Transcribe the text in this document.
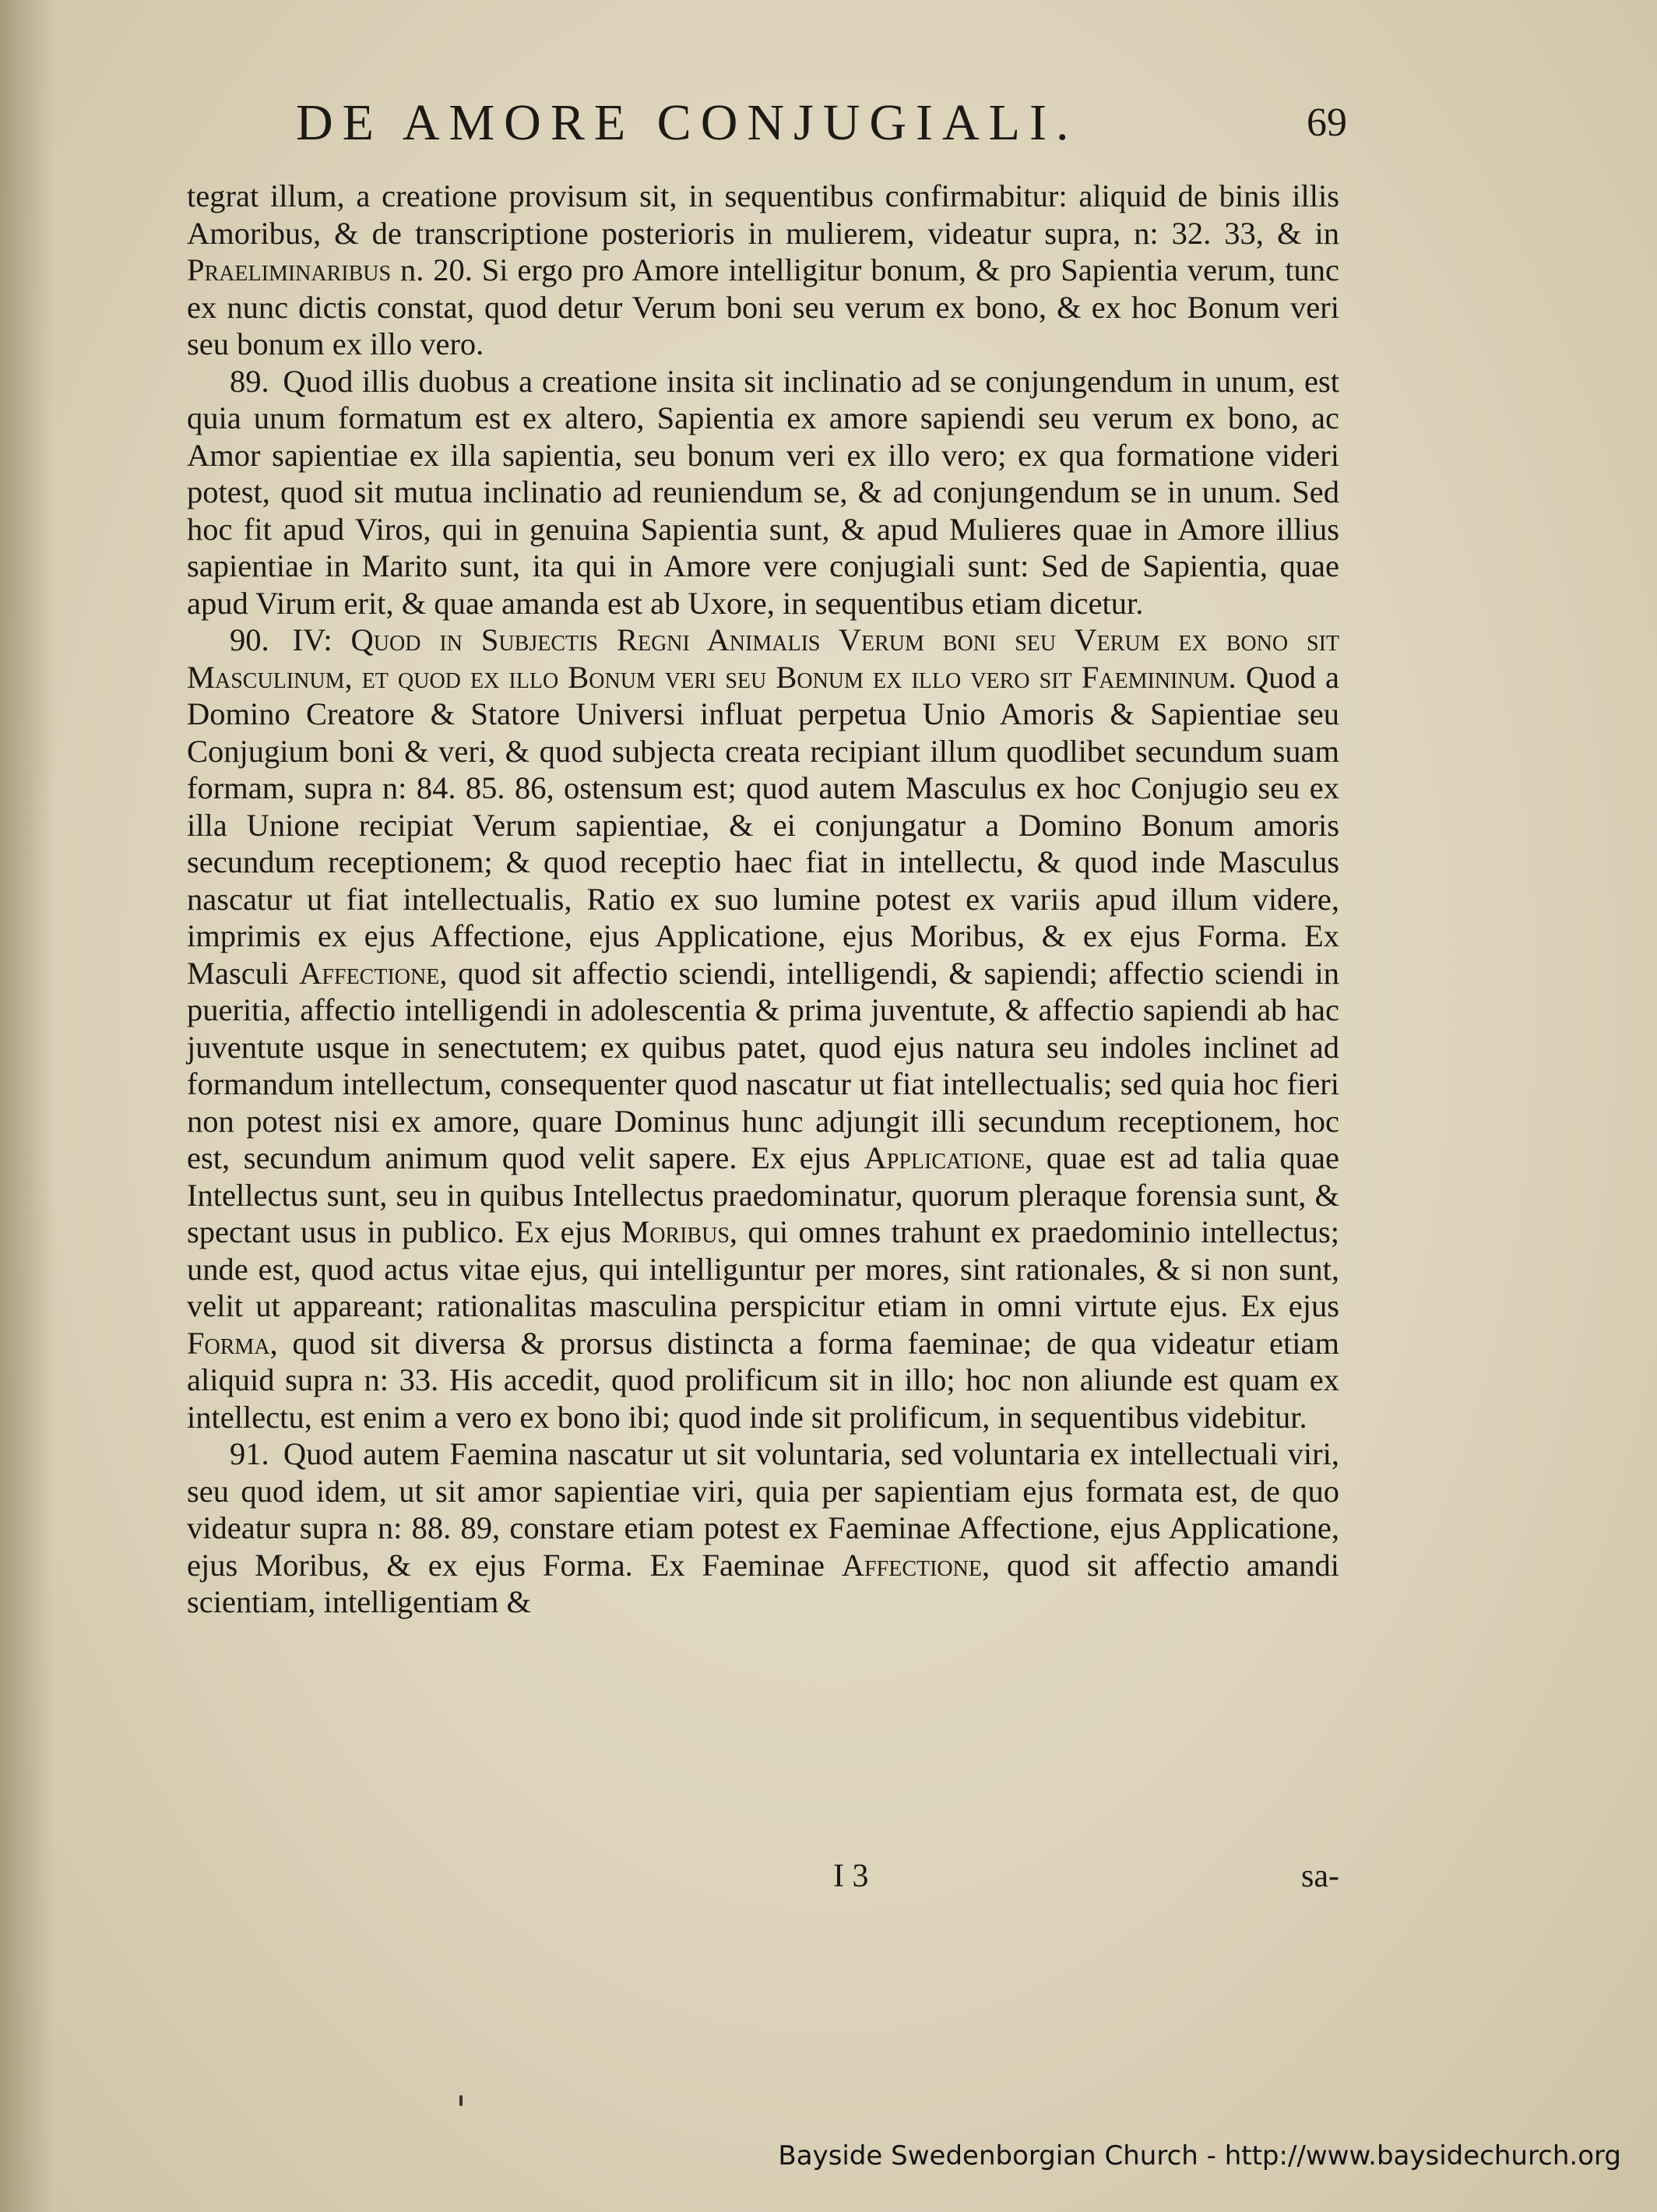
DE AMORE CONJUGIALI.	69

tegrat illum, a creatione provisum sit, in sequentibus confirmabitur: aliquid de binis illis Amoribus, & de transcriptione posterioris in mulierem, videatur supra, n: 32. 33, & in Praeliminaribus n. 20. Si ergo pro Amore intelligitur bonum, & pro Sapientia verum, tunc ex nunc dictis constat, quod detur Verum boni seu verum ex bono, & ex hoc Bonum veri seu bonum ex illo vero.

89. Quod illis duobus a creatione insita sit inclinatio ad se conjungendum in unum, est quia unum formatum est ex altero, Sapientia ex amore sapiendi seu verum ex bono, ac Amor sapientiae ex illa sapientia, seu bonum veri ex illo vero; ex qua formatione videri potest, quod sit mutua inclinatio ad reuniendum se, & ad conjungendum se in unum. Sed hoc fit apud Viros, qui in genuina Sapientia sunt, & apud Mulieres quae in Amore illius sapientiae in Marito sunt, ita qui in Amore vere conjugiali sunt: Sed de Sapientia, quae apud Virum erit, & quae amanda est ab Uxore, in sequentibus etiam dicetur.

90. IV: Quod in Subjectis Regni Animalis Verum boni seu Verum ex bono sit Masculinum, et quod ex illo Bonum veri seu Bonum ex illo vero sit Faemininum. Quod a Domino Creatore & Statore Universi influat perpetua Unio Amoris & Sapientiae seu Conjugium boni & veri, & quod subjecta creata recipiant illum quodlibet secundum suam formam, supra n: 84. 85. 86, ostensum est; quod autem Masculus ex hoc Conjugio seu ex illa Unione recipiat Verum sapientiae, & ei conjungatur a Domino Bonum amoris secundum receptionem; & quod receptio haec fiat in intellectu, & quod inde Masculus nascatur ut fiat intellectualis, Ratio ex suo lumine potest ex variis apud illum videre, imprimis ex ejus Affectione, ejus Applicatione, ejus Moribus, & ex ejus Forma. Ex Masculi Affectione, quod sit affectio sciendi, intelligendi, & sapiendi; affectio sciendi in pueritia, affectio intelligendi in adolescentia & prima juventute, & affectio sapiendi ab hac juventute usque in senectutem; ex quibus patet, quod ejus natura seu indoles inclinet ad formandum intellectum, consequenter quod nascatur ut fiat intellectualis; sed quia hoc fieri non potest nisi ex amore, quare Dominus hunc adjungit illi secundum receptionem, hoc est, secundum animum quod velit sapere. Ex ejus Applicatione, quae est ad talia quae Intellectus sunt, seu in quibus Intellectus praedominatur, quorum pleraque forensia sunt, & spectant usus in publico. Ex ejus Moribus, qui omnes trahunt ex praedominio intellectus; unde est, quod actus vitae ejus, qui intelliguntur per mores, sint rationales, & si non sunt, velit ut appareant; rationalitas masculina perspicitur etiam in omni virtute ejus. Ex ejus Forma, quod sit diversa & prorsus distincta a forma faeminae; de qua videatur etiam aliquid supra n: 33. His accedit, quod prolificum sit in illo; hoc non aliunde est quam ex intellectu, est enim a vero ex bono ibi; quod inde sit prolificum, in sequentibus videbitur.

91. Quod autem Faemina nascatur ut sit voluntaria, sed voluntaria ex intellectuali viri, seu quod idem, ut sit amor sapientiae viri, quia per sapientiam ejus formata est, de quo videatur supra n: 88. 89, constare etiam potest ex Faeminae Affectione, ejus Applicatione, ejus Moribus, & ex ejus Forma. Ex Faeminae Affectione, quod sit affectio amandi scientiam, intelligentiam &

I 3	sa-
Bayside Swedenborgian Church - http://www.baysidechurch.org
